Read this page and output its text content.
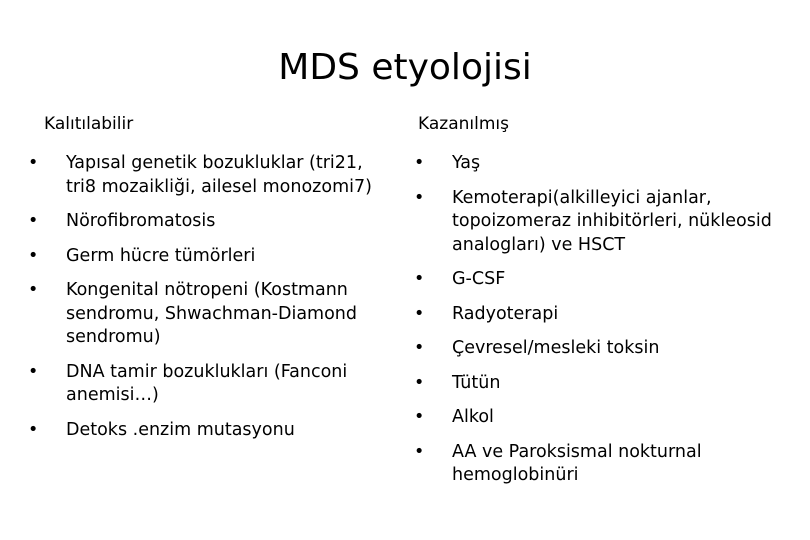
MDS etyolojisi
Kalıtılabilir
• Yapısal genetik bozukluklar (tri21, tri8 mozaikliği, ailesel monozomi7)
• Nörofibromatosis
• Germ hücre tümörleri
• Kongenital nötropeni (Kostmann sendromu, Shwachman-Diamond sendromu)
• DNA tamir bozuklukları (Fanconi anemisi…)
• Detoks .enzim mutasyonu
Kazanılmış
• Yaş
• Kemoterapi(alkilleyici ajanlar, topoizomeraz inhibitörleri, nükleosid analogları) ve HSCT
• G-CSF
• Radyoterapi
• Çevresel/mesleki toksin
• Tütün
• Alkol
• AA ve Paroksismal nokturnal hemoglobinüri
